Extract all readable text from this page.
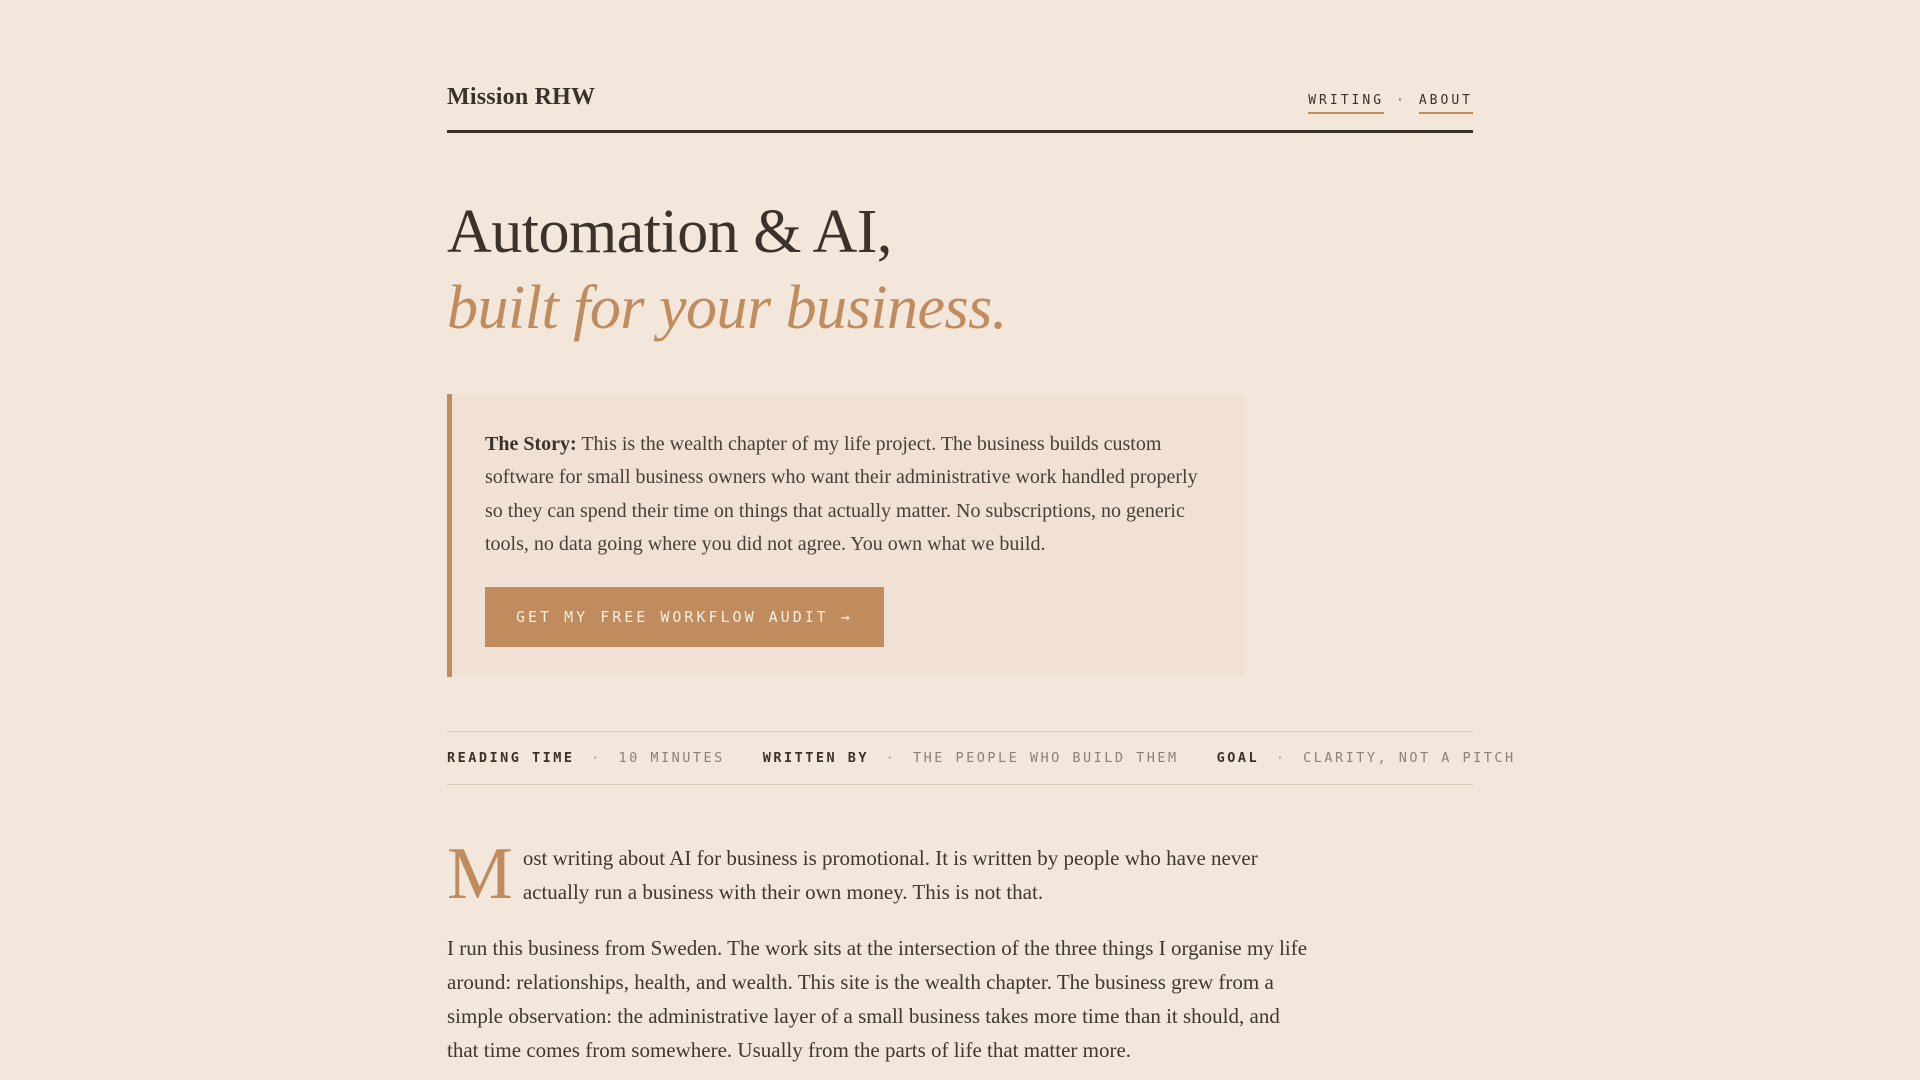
Mission RHW	WRITING · ABOUT
Automation & AI,
built for your business.

The Story: This is the wealth chapter of my life project. The business builds custom software for small business owners who want their administrative work handled properly so they can spend their time on things that actually matter. No subscriptions, no generic tools, no data going where you did not agree. You own what we build.

GET MY FREE WORKFLOW AUDIT →
READING TIME · 10 MINUTES	WRITTEN BY · THE PEOPLE WHO BUILD THEM	GOAL · CLARITY, NOT A PITCH

Most writing about AI for business is promotional. It is written by people who have never actually run a business with their own money. This is not that.

I run this business from Sweden. The work sits at the intersection of the three things I organise my life around: relationships, health, and wealth. This site is the wealth chapter. The business grew from a simple observation: the administrative layer of a small business takes more time than it should, and that time comes from somewhere. Usually from the parts of life that matter more.
